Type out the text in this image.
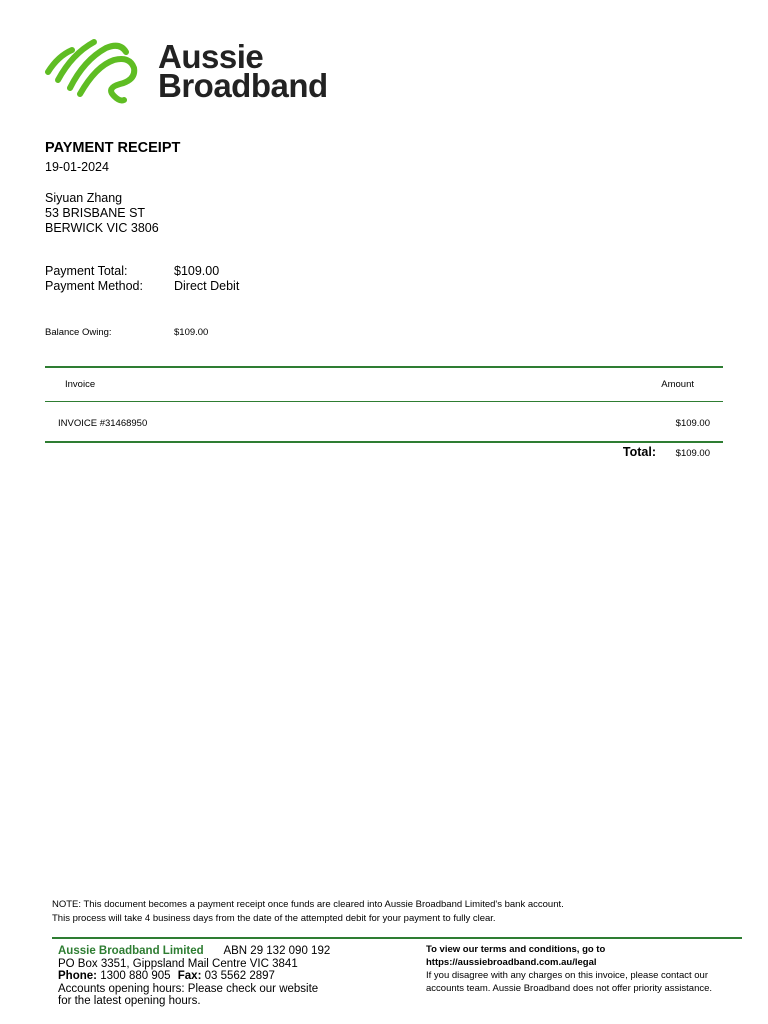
Aussie
Broadband
PAYMENT RECEIPT
19-01-2024
Siyuan Zhang
53 BRISBANE ST
BERWICK VIC 3806
Payment Total:	$109.00
Payment Method: Direct Debit
Balance Owing:	$109.00
Invoice	Amount
INVOICE #31468950	$109.00
Total: $109.00
NOTE: This document becomes a payment receipt once funds are cleared into Aussie Broadband Limited's bank account.
This process will take 4 business days from the date of the attempted debit for your payment to fully clear.
Aussie Broadband Limited ABN 29 132 090 192
PO Box 3351, Gippsland Mail Centre VIC 3841
Phone: 1300 880 905 Fax: 03 5562 2897
Accounts opening hours: Please check our website
for the latest opening hours.
To view our terms and conditions, go to
https://aussiebroadband.com.au/legal
If you disagree with any charges on this invoice, please contact our
accounts team. Aussie Broadband does not offer priority assistance.
